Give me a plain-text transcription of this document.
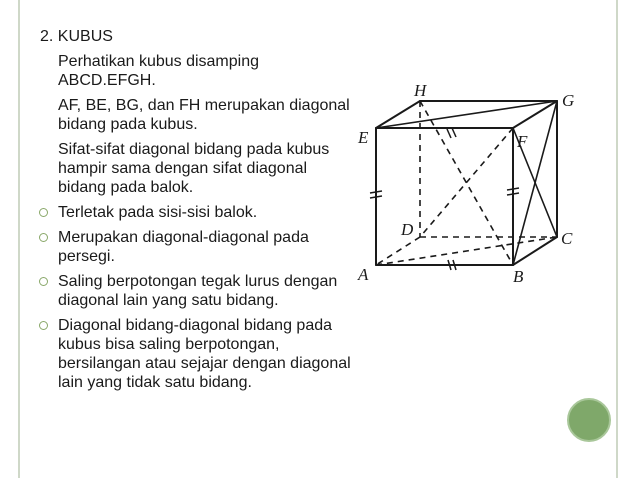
2. KUBUS
Perhatikan kubus disamping ABCD.EFGH.
AF, BE, BG, dan FH merupakan diagonal bidang pada kubus.
Sifat-sifat diagonal bidang pada kubus hampir sama dengan sifat diagonal bidang pada balok.
Terletak pada sisi-sisi balok.
Merupakan diagonal-diagonal pada persegi.
Saling berpotongan tegak lurus dengan diagonal lain yang satu bidang.
Diagonal bidang-diagonal bidang pada kubus bisa saling berpotongan, bersilangan atau sejajar dengan diagonal lain yang tidak satu bidang.
H
G
E	F
D	C
A	B
